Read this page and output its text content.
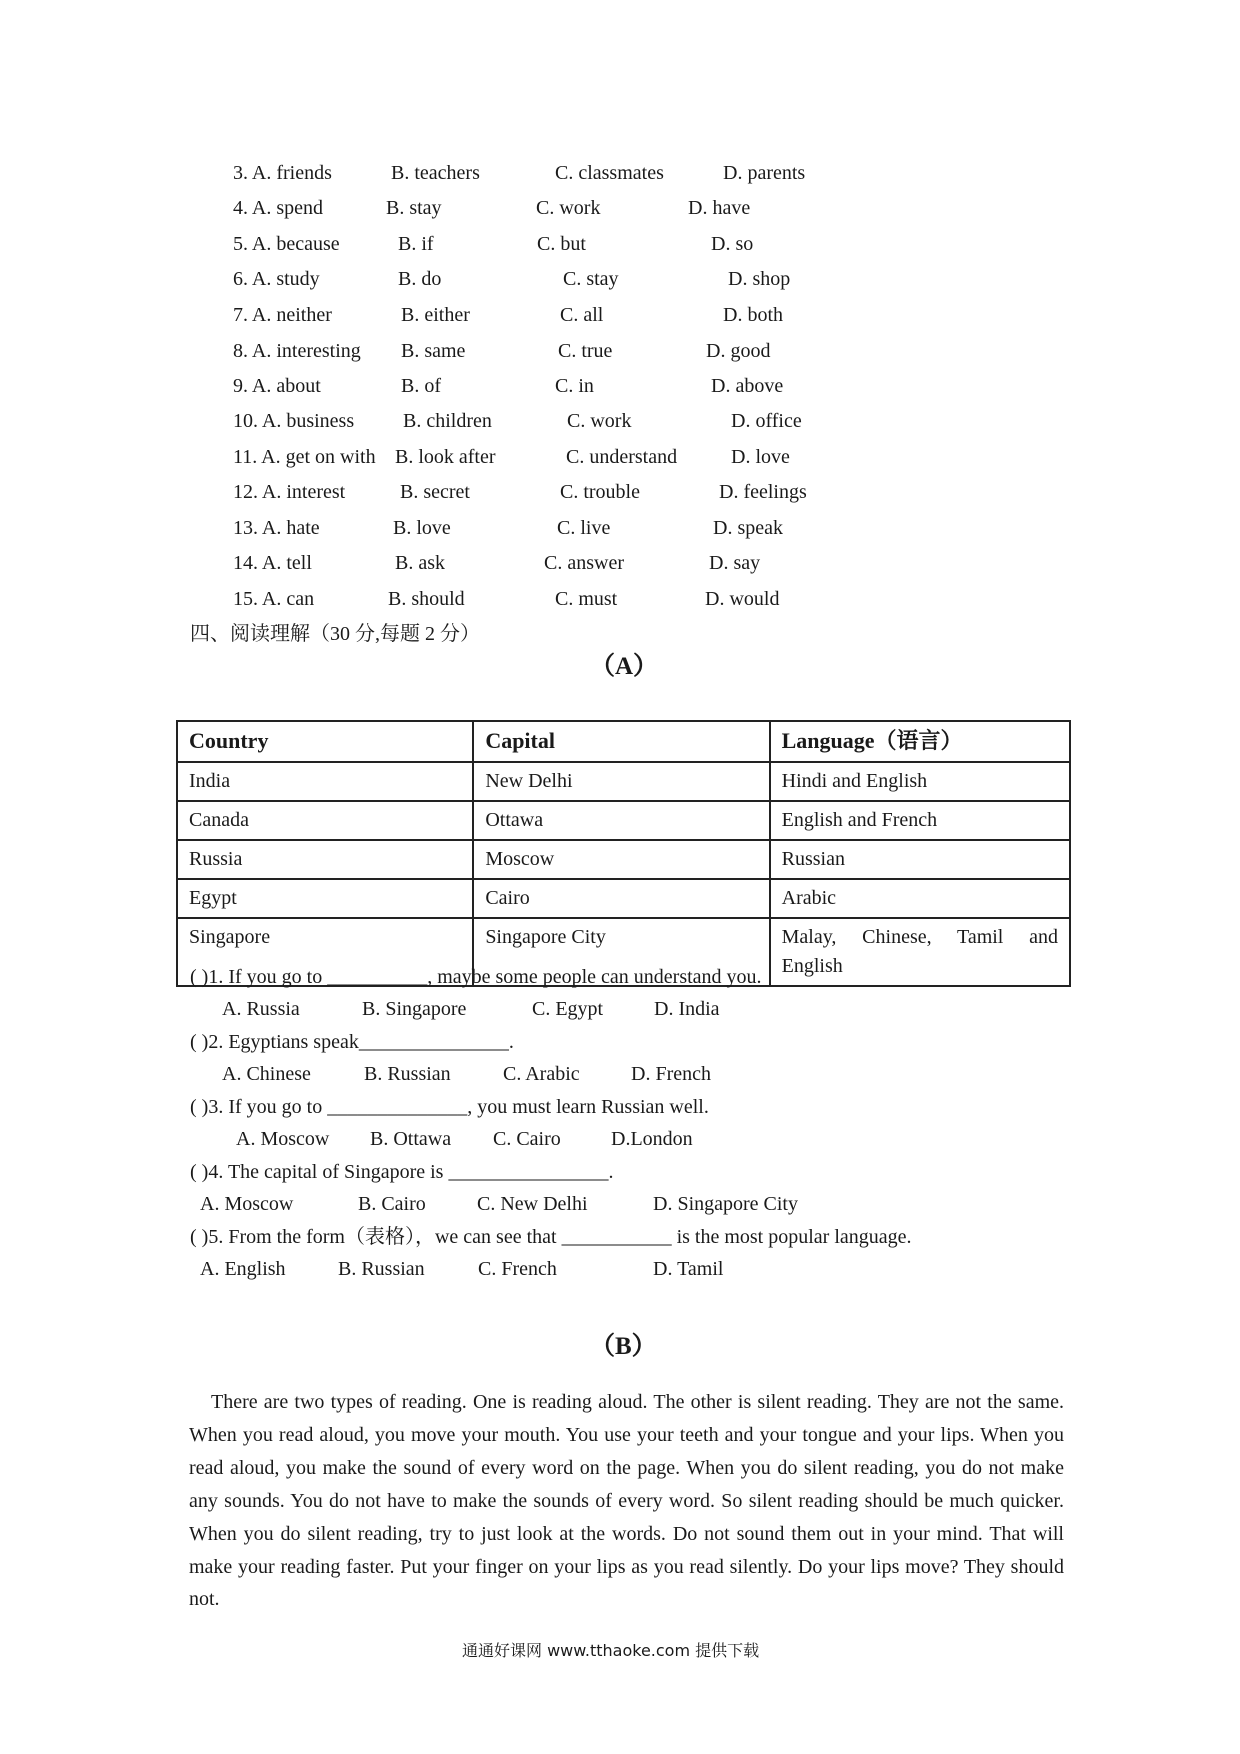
3. A. friends	B. teachers	C. classmates	D. parents
4. A. spend	B. stay	C. work	D. have
5. A. because	B. if	C. but	D. so
6. A. study	B. do	C. stay	D. shop
7. A. neither	B. either	C. all	D. both
8. A. interesting B. same	C. true	D. good
9. A. about	B. of	C. in	D. above
10. A. business B. children	C. work	D. office
11. A. get on with B. look after	C. understand	D. love
12. A. interest	B. secret	C. trouble	D. feelings
13. A. hate	B. love	C. live	D. speak
14. A. tell	B. ask	C. answer	D. say
15. A. can	B. should	C. must	D. would
四、阅读理解（30 分,每题 2 分）
（A）
Country	Capital	Language（语言）
India	New Delhi	Hindi and English
Canada	Ottawa	English and French
Russia	Moscow	Russian
Egypt	Cairo	Arabic
Singapore	Singapore City	Malay, Chinese, Tamil and
English
( )1. If you go to __________, maybe some people can understand you.
A. Russia	B. Singapore	C. Egypt	D. India
( )2. Egyptians speak_______________.
A. Chinese	B. Russian	C. Arabic	D. French
( )3. If you go to ______________, you must learn Russian well.
A. Moscow B. Ottawa C. Cairo	D.London
( )4. The capital of Singapore is ________________.
A. Moscow	B. Cairo	C. New Delhi	D. Singapore City
( )5. From the form（表格），we can see that ___________ is the most popular language.
A. English	B. Russian	C. French	D. Tamil
（B）
There are two types of reading. One is reading aloud. The other is silent reading. They are not the same. When you read aloud, you move your mouth. You use your teeth and your tongue and your lips. When you read aloud, you make the sound of every word on the page. When you do silent reading, you do not make any sounds. You do not have to make the sounds of every word. So silent reading should be much quicker. When you do silent reading, try to just look at the words. Do not sound them out in your mind. That will make your reading faster. Put your finger on your lips as you read silently. Do your lips move? They should not.
通通好课网 www.tthaoke.com 提供下载
